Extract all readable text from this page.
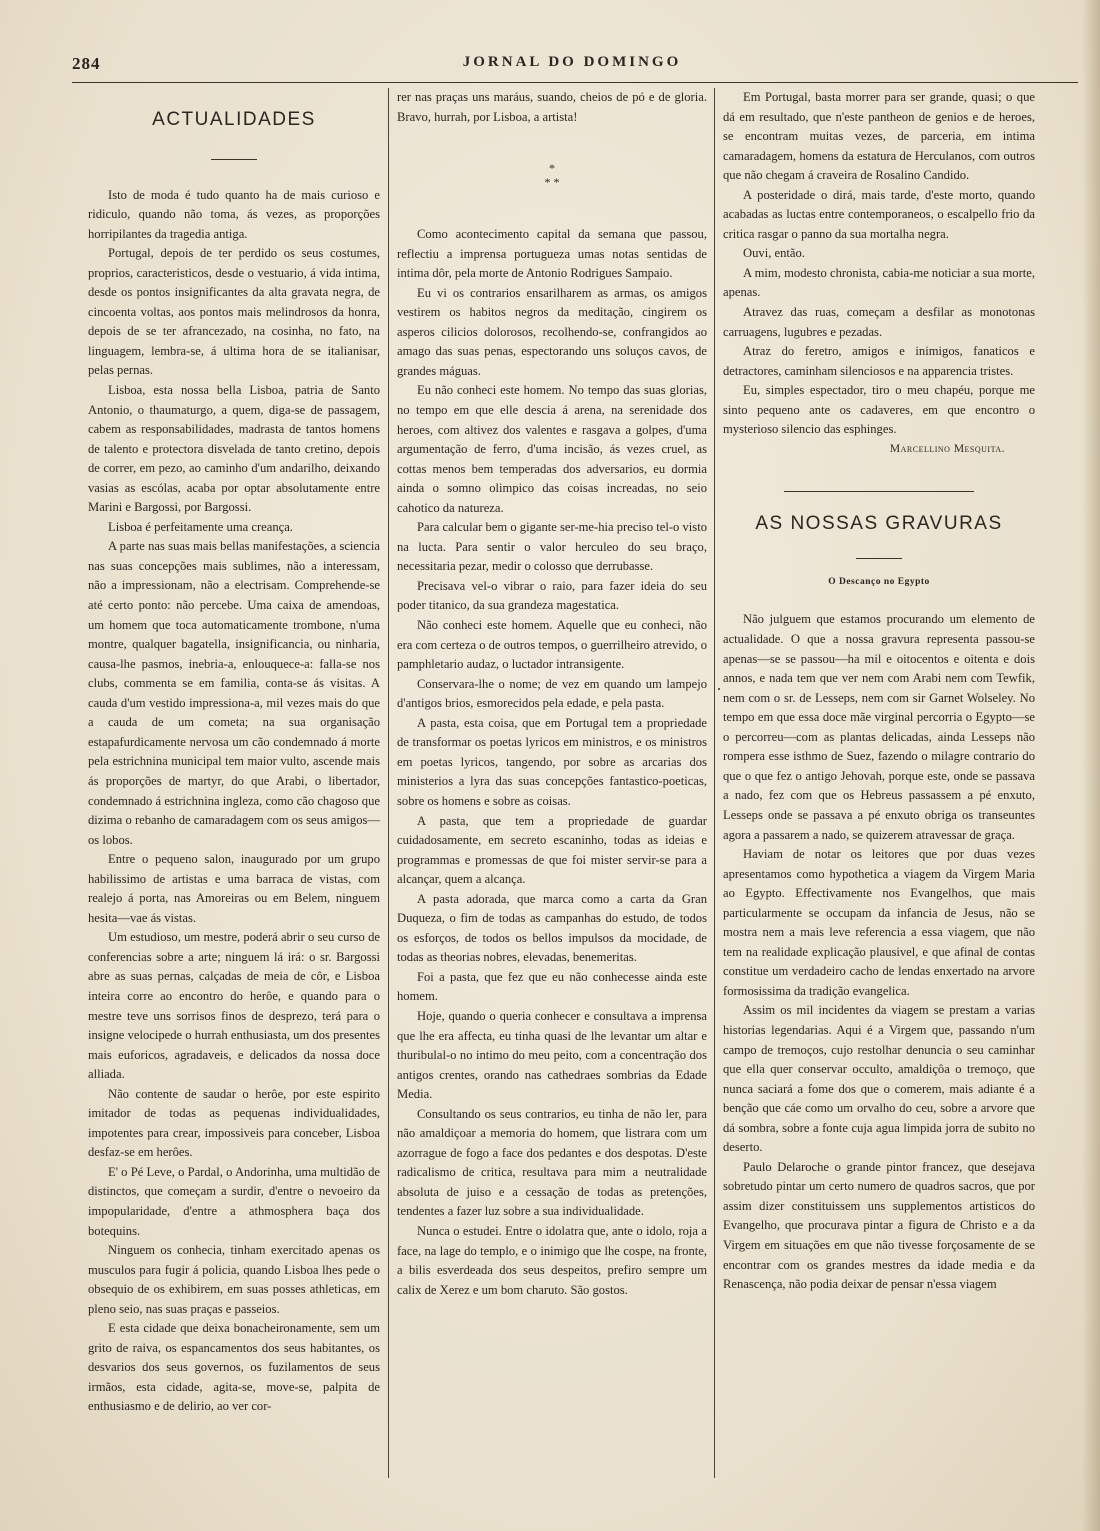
284	JORNAL DO DOMINGO
ACTUALIDADES

Isto de moda é tudo quanto ha de mais curioso e ridiculo, quando não toma, ás vezes, as proporções horripilantes da tragedia antiga.

Portugal, depois de ter perdido os seus costumes, proprios, caracteristicos, desde o vestuario, á vida intima, desde os pontos insignificantes da alta gravata negra, de cincoenta voltas, aos pontos mais melindrosos da honra, depois de se ter afrancezado, na cosinha, no fato, na linguagem, lembra-se, á ultima hora de se italianisar, pelas pernas.

Lisboa, esta nossa bella Lisboa, patria de Santo Antonio, o thaumaturgo, a quem, diga-se de passagem, cabem as responsabilidades, madrasta de tantos homens de talento e protectora disvelada de tanto cretino, depois de correr, em pezo, ao caminho d'um andarilho, deixando vasias as escólas, acaba por optar absolutamente entre Marini e Bargossi, por Bargossi.

Lisboa é perfeitamente uma creança.

A parte nas suas mais bellas manifestações, a sciencia nas suas concepções mais sublimes, não a interessam, não a impressionam, não a electrisam. Comprehende-se até certo ponto: não percebe. Uma caixa de amendoas, um homem que toca automaticamente trombone, n'uma montre, qualquer bagatella, insignificancia, ou ninharia, causa-lhe pasmos, inebria-a, enlouquece-a: falla-se nos clubs, commenta se em familia, conta-se ás visitas. A cauda d'um vestido impressiona-a, mil vezes mais do que a cauda de um cometa; na sua organisação estapafurdicamente nervosa um cão condemnado á morte pela estrichnina municipal tem maior vulto, ascende mais ás proporções de martyr, do que Arabi, o libertador, condemnado á estrichnina ingleza, como cão chagoso que dizima o rebanho de camaradagem com os seus amigos—os lobos.

Entre o pequeno salon, inaugurado por um grupo habilissimo de artistas e uma barraca de vistas, com realejo á porta, nas Amoreiras ou em Belem, ninguem hesita—vae ás vistas.

Um estudioso, um mestre, poderá abrir o seu curso de conferencias sobre a arte; ninguem lá irá: o sr. Bargossi abre as suas pernas, calçadas de meia de côr, e Lisboa inteira corre ao encontro do herôe, e quando para o mestre teve uns sorrisos finos de desprezo, terá para o insigne velocipede o hurrah enthusiasta, um dos presentes mais euforicos, agradaveis, e delicados da nossa doce alliada.

Não contente de saudar o herôe, por este espirito imitador de todas as pequenas individualidades, impotentes para crear, impossiveis para conceber, Lisboa desfaz-se em herôes.

E' o Pé Leve, o Pardal, o Andorinha, uma multidão de distinctos, que começam a surdir, d'entre o nevoeiro da impopularidade, d'entre a athmosphera baça dos botequins.

Ninguem os conhecia, tinham exercitado apenas os musculos para fugir á policia, quando Lisboa lhes pede o obsequio de os exhibirem, em suas posses athleticas, em pleno seio, nas suas praças e passeios.

E esta cidade que deixa bonacheironamente, sem um grito de raiva, os espancamentos dos seus habitantes, os desvarios dos seus governos, os fuzilamentos de seus irmãos, esta cidade, agita-se, move-se, palpita de enthusiasmo e de delirio, ao ver cor-

rer nas praças uns maráus, suando, cheios de pó e de gloria. Bravo, hurrah, por Lisboa, a artista!

*
* *

Como acontecimento capital da semana que passou, reflectiu a imprensa portugueza umas notas sentidas de intima dôr, pela morte de Antonio Rodrigues Sampaio.

Eu vi os contrarios ensarilharem as armas, os amigos vestirem os habitos negros da meditação, cingirem os asperos cilicios dolorosos, recolhendo-se, confrangidos ao amago das suas penas, espectorando uns soluços cavos, de grandes máguas.

Eu não conheci este homem. No tempo das suas glorias, no tempo em que elle descia á arena, na serenidade dos heroes, com altivez dos valentes e rasgava a golpes, d'uma argumentação de ferro, d'uma incisão, ás vezes cruel, as cottas menos bem temperadas dos adversarios, eu dormia ainda o somno olimpico das coisas increadas, no seio cahotico da natureza.

Para calcular bem o gigante ser-me-hia preciso tel-o visto na lucta. Para sentir o valor herculeo do seu braço, necessitaria pezar, medir o colosso que derrubasse.

Precisava vel-o vibrar o raio, para fazer ideia do seu poder titanico, da sua grandeza magestatica.

Não conheci este homem. Aquelle que eu conheci, não era com certeza o de outros tempos, o guerrilheiro atrevido, o pamphletario audaz, o luctador intransigente.

Conservara-lhe o nome; de vez em quando um lampejo d'antigos brios, esmorecidos pela edade, e pela pasta.

A pasta, esta coisa, que em Portugal tem a propriedade de transformar os poetas lyricos em ministros, e os ministros em poetas lyricos, tangendo, por sobre as arcarias dos ministerios a lyra das suas concepções fantastico-poeticas, sobre os homens e sobre as coisas.

A pasta, que tem a propriedade de guardar cuidadosamente, em secreto escaninho, todas as ideias e programmas e promessas de que foi mister servir-se para a alcançar, quem a alcança.

A pasta adorada, que marca como a carta da Gran Duqueza, o fim de todas as campanhas do estudo, de todos os esforços, de todos os bellos impulsos da mocidade, de todas as theorias nobres, elevadas, benemeritas.

Foi a pasta, que fez que eu não conhecesse ainda este homem.

Hoje, quando o queria conhecer e consultava a imprensa que lhe era affecta, eu tinha quasi de lhe levantar um altar e thuribulal-o no intimo do meu peito, com a concentração dos antigos crentes, orando nas cathedraes sombrias da Edade Media.

Consultando os seus contrarios, eu tinha de não ler, para não amaldiçoar a memoria do homem, que listrara com um azorrague de fogo a face dos pedantes e dos despotas. D'este radicalismo de critica, resultava para mim a neutralidade absoluta de juiso e a cessação de todas as pretenções, tendentes a fazer luz sobre a sua individualidade.

Nunca o estudei. Entre o idolatra que, ante o idolo, roja a face, na lage do templo, e o inimigo que lhe cospe, na fronte, a bilis esverdeada dos seus despeitos, prefiro sempre um calix de Xerez e um bom charuto. São gostos.

Em Portugal, basta morrer para ser grande, quasi; o que dá em resultado, que n'este pantheon de genios e de heroes, se encontram muitas vezes, de parceria, em intima camaradagem, homens da estatura de Herculanos, com outros que não chegam á craveira de Rosalino Candido.

A posteridade o dirá, mais tarde, d'este morto, quando acabadas as luctas entre contemporaneos, o escalpello frio da critica rasgar o panno da sua mortalha negra.

Ouvi, então.

A mim, modesto chronista, cabia-me noticiar a sua morte, apenas.

Atravez das ruas, começam a desfilar as monotonas carruagens, lugubres e pezadas.

Atraz do feretro, amigos e inimigos, fanaticos e detractores, caminham silenciosos e na apparencia tristes.

Eu, simples espectador, tiro o meu chapéu, porque me sinto pequeno ante os cadaveres, em que encontro o mysterioso silencio das esphinges.

Marcellino Mesquita.

AS NOSSAS GRAVURAS
O Descanço no Egypto

Não julguem que estamos procurando um elemento de actualidade. O que a nossa gravura representa passou-se apenas—se se passou—ha mil e oitocentos e oitenta e dois annos, e nada tem que ver nem com Arabi nem com Tewfik, nem com o sr. de Lesseps, nem com sir Garnet Wolseley. No tempo em que essa doce mãe virginal percorria o Egypto—se o percorreu—com as plantas delicadas, ainda Lesseps não rompera esse isthmo de Suez, fazendo o milagre contrario do que o que fez o antigo Jehovah, porque este, onde se passava a nado, fez com que os Hebreus passassem a pé enxuto, Lesseps onde se passava a pé enxuto obriga os transeuntes agora a passarem a nado, se quizerem atravessar de graça.

Haviam de notar os leitores que por duas vezes apresentamos como hypothetica a viagem da Virgem Maria ao Egypto. Effectivamente nos Evangelhos, que mais particularmente se occupam da infancia de Jesus, não se mostra nem a mais leve referencia a essa viagem, que não tem na realidade explicação plausivel, e que afinal de contas constitue um verdadeiro cacho de lendas enxertado na arvore formosissima da tradição evangelica.

Assim os mil incidentes da viagem se prestam a varias historias legendarias. Aqui é a Virgem que, passando n'um campo de tremoços, cujo restolhar denuncia o seu caminhar que ella quer conservar occulto, amaldiçôa o tremoço, que nunca saciará a fome dos que o comerem, mais adiante é a benção que cáe como um orvalho do ceu, sobre a arvore que dá sombra, sobre a fonte cuja agua limpida jorra de subito no deserto.

Paulo Delaroche o grande pintor francez, que desejava sobretudo pintar um certo numero de quadros sacros, que por assim dizer constituissem uns supplementos artisticos do Evangelho, que procurava pintar a figura de Christo e a da Virgem em situações em que não tivesse forçosamente de se encontrar com os grandes mestres da idade media e da Renascença, não podia deixar de pensar n'essa viagem
